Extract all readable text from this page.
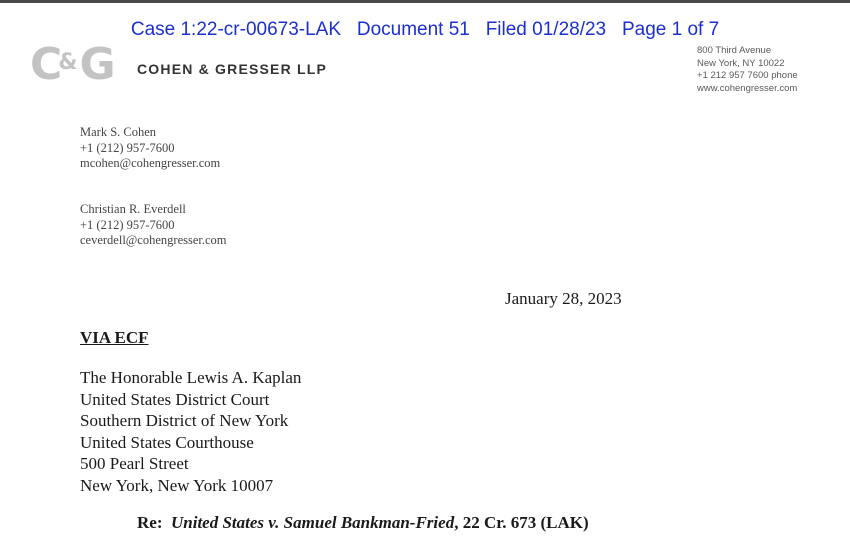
Case 1:22-cr-00673-LAK   Document 51   Filed 01/28/23   Page 1 of 7
C&G COHEN & GRESSER LLP
800 Third Avenue
New York, NY 10022
+1 212 957 7600 phone
www.cohengresser.com
Mark S. Cohen
+1 (212) 957-7600
mcohen@cohengresser.com
Christian R. Everdell
+1 (212) 957-7600
ceverdell@cohengresser.com
January 28, 2023
VIA ECF
The Honorable Lewis A. Kaplan
United States District Court
Southern District of New York
United States Courthouse
500 Pearl Street
New York, New York 10007
Re: United States v. Samuel Bankman-Fried, 22 Cr. 673 (LAK)
